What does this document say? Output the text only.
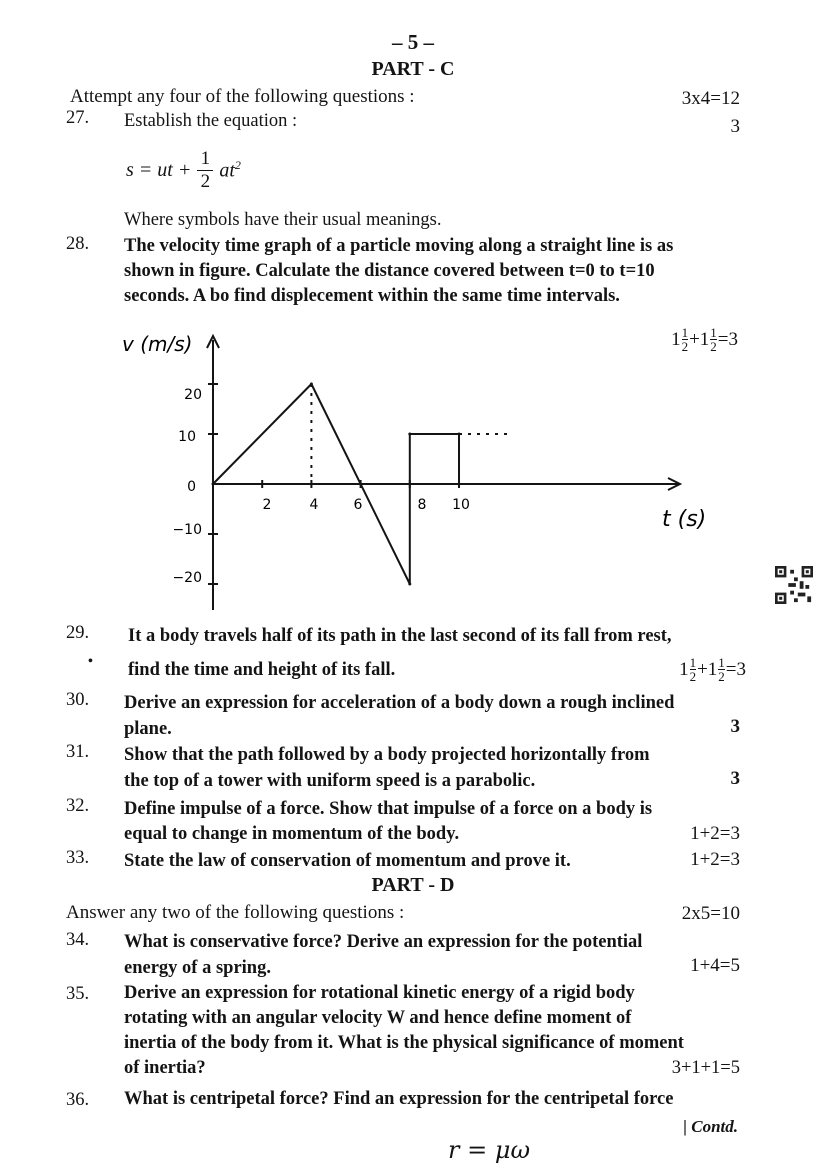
– 5 –
PART - C
Attempt any four of the following questions :	3x4=12
27. Establish the equation :	3
s = ut +
1
2 $at^2$
Where symbols have their usual meanings.
28. The velocity time graph of a particle moving along a straight line is as
shown in figure. Calculate the distance covered between t=0 to t=10
seconds. A bo find displecement within the same time intervals.
$1 \frac{1}{2} + 1 \frac{1}{2} = 3$
v (m/s)
t (s)
20
10
0
−10
−20
2	4	6	8 10
29. It a body travels half of its path in the last second of its fall from rest,
• find the time and height of its fall.	$1 \frac{1}{2} + 1 \frac{1}{2} = 3$
30. Derive an expression for acceleration of a body down a rough inclined
plane.	3
31. Show that the path followed by a body projected horizontally from
the top of a tower with uniform speed is a parabolic.	3
32. Define impulse of a force. Show that impulse of a force on a body is
equal to change in momentum of the body.	1+2=3
33. State the law of conservation of momentum and prove it.	1+2=3
PART - D
Answer any two of the following questions :	2x5=10
34. What is conservative force? Derive an expression for the potential
energy of a spring.	1+4=5
35. Derive an expression for rotational kinetic energy of a rigid body
rotating with an angular velocity W and hence define moment of
inertia of the body from it. What is the physical significance of moment
of inertia?	3+1+1=5
36. What is centripetal force? Find an expression for the centripetal force
| Contd.
r = μω
